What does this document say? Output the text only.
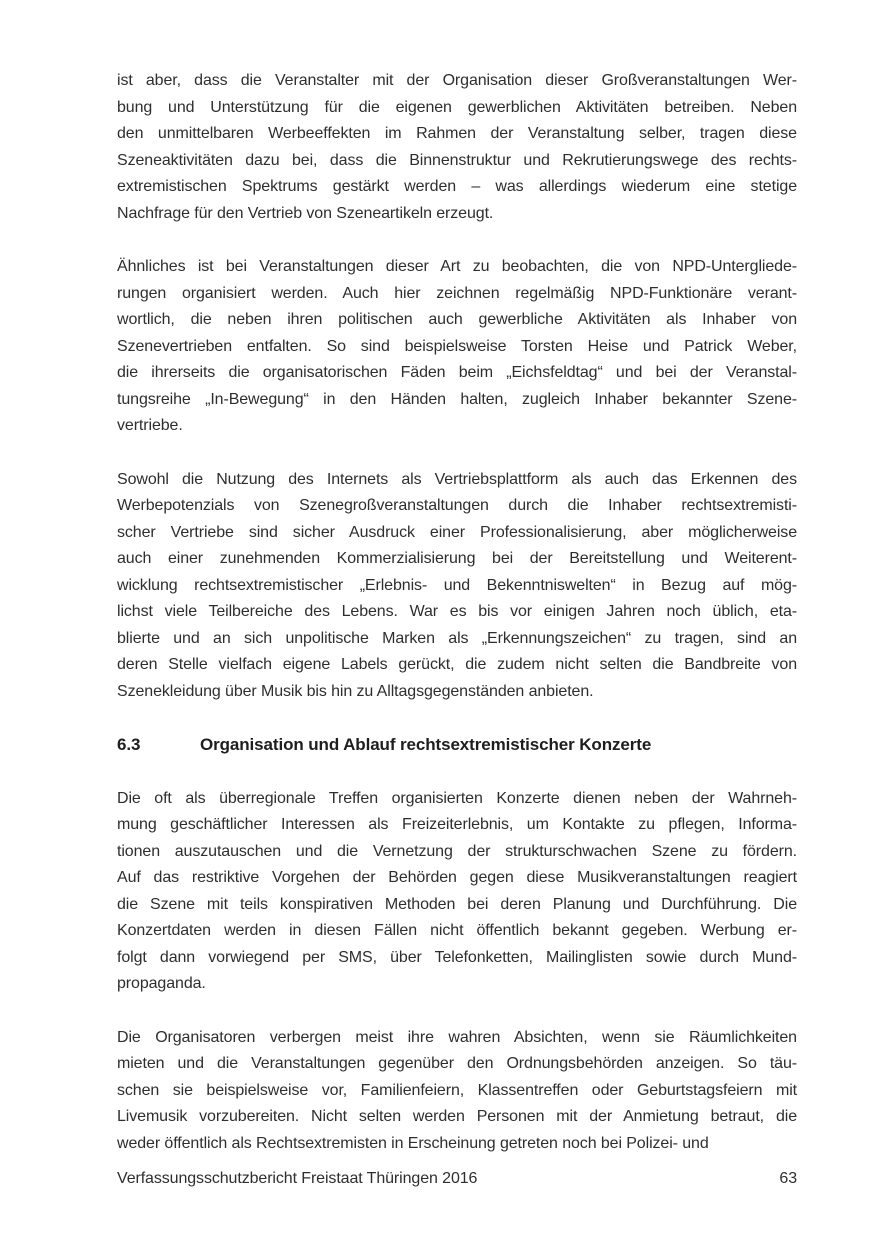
ist aber, dass die Veranstalter mit der Organisation dieser Großveranstaltungen Wer-
bung und Unterstützung für die eigenen gewerblichen Aktivitäten betreiben. Neben
den unmittelbaren Werbeeffekten im Rahmen der Veranstaltung selber, tragen diese
Szeneaktivitäten dazu bei, dass die Binnenstruktur und Rekrutierungswege des rechts-
extremistischen Spektrums gestärkt werden – was allerdings wiederum eine stetige
Nachfrage für den Vertrieb von Szeneartikeln erzeugt.
Ähnliches ist bei Veranstaltungen dieser Art zu beobachten, die von NPD-Untergliede-
rungen organisiert werden. Auch hier zeichnen regelmäßig NPD-Funktionäre verant-
wortlich, die neben ihren politischen auch gewerbliche Aktivitäten als Inhaber von
Szenevertrieben entfalten. So sind beispielsweise Torsten Heise und Patrick Weber,
die ihrerseits die organisatorischen Fäden beim „Eichsfeldtag“ und bei der Veranstal-
tungsreihe „In-Bewegung“ in den Händen halten, zugleich Inhaber bekannter Szene-
vertriebe.
Sowohl die Nutzung des Internets als Vertriebsplattform als auch das Erkennen des
Werbepotenzials von Szenegroßveranstaltungen durch die Inhaber rechtsextremisti-
scher Vertriebe sind sicher Ausdruck einer Professionalisierung, aber möglicherweise
auch einer zunehmenden Kommerzialisierung bei der Bereitstellung und Weiterent-
wicklung rechtsextremistischer „Erlebnis- und Bekenntniswelten“ in Bezug auf mög-
lichst viele Teilbereiche des Lebens. War es bis vor einigen Jahren noch üblich, eta-
blierte und an sich unpolitische Marken als „Erkennungszeichen“ zu tragen, sind an
deren Stelle vielfach eigene Labels gerückt, die zudem nicht selten die Bandbreite von
Szenekleidung über Musik bis hin zu Alltagsgegenständen anbieten.
6.3	Organisation und Ablauf rechtsextremistischer Konzerte
Die oft als überregionale Treffen organisierten Konzerte dienen neben der Wahrneh-
mung geschäftlicher Interessen als Freizeiterlebnis, um Kontakte zu pflegen, Informa-
tionen auszutauschen und die Vernetzung der strukturschwachen Szene zu fördern.
Auf das restriktive Vorgehen der Behörden gegen diese Musikveranstaltungen reagiert
die Szene mit teils konspirativen Methoden bei deren Planung und Durchführung. Die
Konzertdaten werden in diesen Fällen nicht öffentlich bekannt gegeben. Werbung er-
folgt dann vorwiegend per SMS, über Telefonketten, Mailinglisten sowie durch Mund-
propaganda.
Die Organisatoren verbergen meist ihre wahren Absichten, wenn sie Räumlichkeiten
mieten und die Veranstaltungen gegenüber den Ordnungsbehörden anzeigen. So täu-
schen sie beispielsweise vor, Familienfeiern, Klassentreffen oder Geburtstagsfeiern mit
Livemusik vorzubereiten. Nicht selten werden Personen mit der Anmietung betraut, die
weder öffentlich als Rechtsextremisten in Erscheinung getreten noch bei Polizei- und
Verfassungsschutzbericht Freistaat Thüringen 2016	63
